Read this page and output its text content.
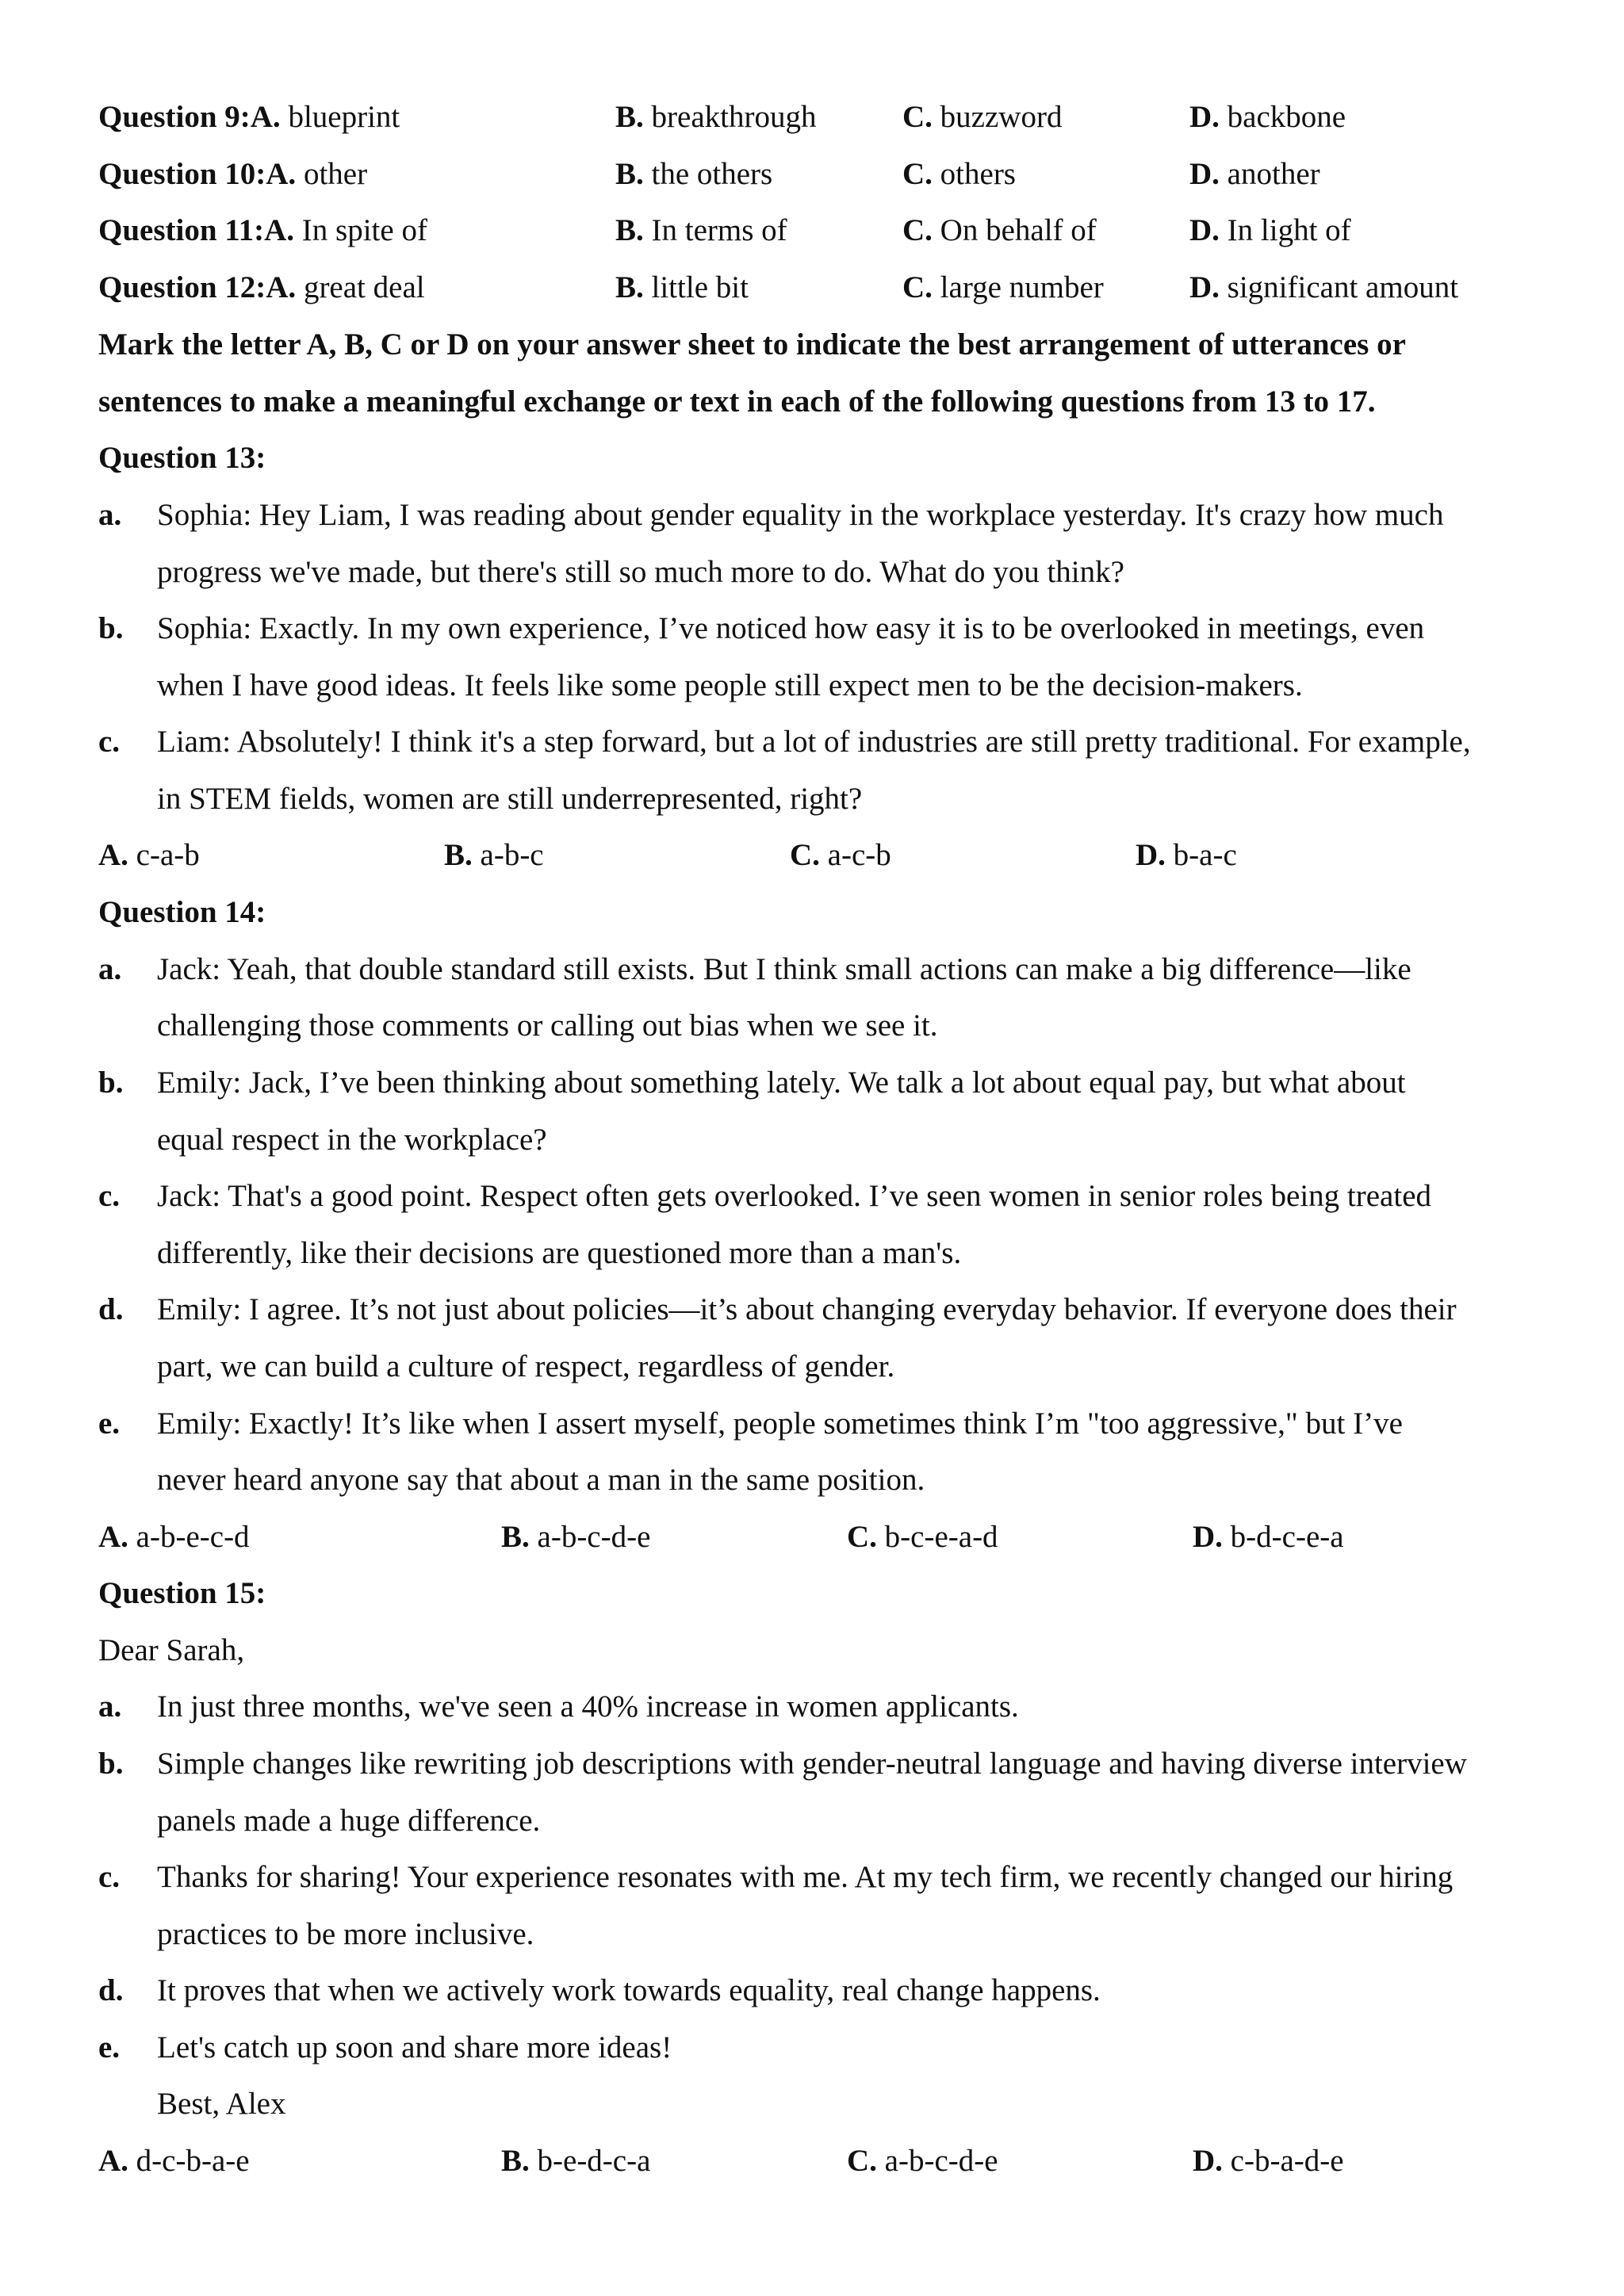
Question 9:A. blueprint	B. breakthrough	C. buzzword	D. backbone
Question 10:A. other	B. the others	C. others	D. another
Question 11:A. In spite of	B. In terms of	C. On behalf of	D. In light of
Question 12:A. great deal	B. little bit	C. large number	D. significant amount
Mark the letter A, B, C or D on your answer sheet to indicate the best arrangement of utterances or
sentences to make a meaningful exchange or text in each of the following questions from 13 to 17.
Question 13:
a. Sophia: Hey Liam, I was reading about gender equality in the workplace yesterday. It's crazy how much
progress we've made, but there's still so much more to do. What do you think?
b. Sophia: Exactly. In my own experience, I’ve noticed how easy it is to be overlooked in meetings, even
when I have good ideas. It feels like some people still expect men to be the decision-makers.
c. Liam: Absolutely! I think it's a step forward, but a lot of industries are still pretty traditional. For example,
in STEM fields, women are still underrepresented, right?
A. c-a-b	B. a-b-c	C. a-c-b	D. b-a-c
Question 14:
a. Jack: Yeah, that double standard still exists. But I think small actions can make a big difference—like
challenging those comments or calling out bias when we see it.
b. Emily: Jack, I’ve been thinking about something lately. We talk a lot about equal pay, but what about
equal respect in the workplace?
c. Jack: That's a good point. Respect often gets overlooked. I’ve seen women in senior roles being treated
differently, like their decisions are questioned more than a man's.
d. Emily: I agree. It’s not just about policies—it’s about changing everyday behavior. If everyone does their
part, we can build a culture of respect, regardless of gender.
e. Emily: Exactly! It’s like when I assert myself, people sometimes think I’m "too aggressive," but I’ve
never heard anyone say that about a man in the same position.
A. a-b-e-c-d	B. a-b-c-d-e	C. b-c-e-a-d	D. b-d-c-e-a
Question 15:
Dear Sarah,
a. In just three months, we've seen a 40% increase in women applicants.
b. Simple changes like rewriting job descriptions with gender-neutral language and having diverse interview
panels made a huge difference.
c. Thanks for sharing! Your experience resonates with me. At my tech firm, we recently changed our hiring
practices to be more inclusive.
d. It proves that when we actively work towards equality, real change happens.
e. Let's catch up soon and share more ideas!
Best, Alex
A. d-c-b-a-e	B. b-e-d-c-a	C. a-b-c-d-e	D. c-b-a-d-e
